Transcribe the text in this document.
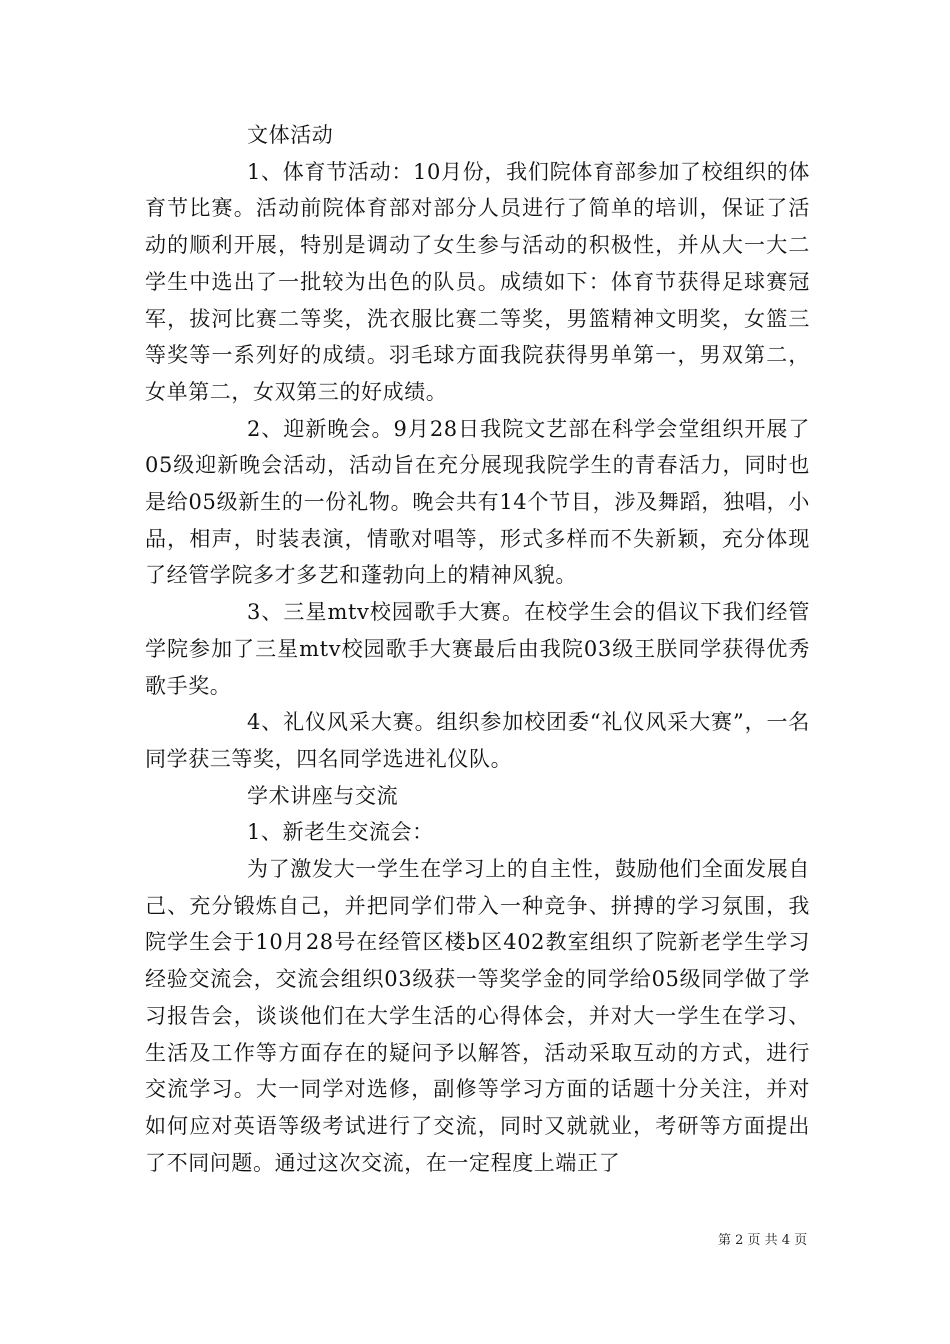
文体活动

1、体育节活动：10月份，我们院体育部参加了校组织的体育节比赛。活动前院体育部对部分人员进行了简单的培训，保证了活动的顺利开展，特别是调动了女生参与活动的积极性，并从大一大二学生中选出了一批较为出色的队员。成绩如下：体育节获得足球赛冠军，拔河比赛二等奖，洗衣服比赛二等奖，男篮精神文明奖，女篮三等奖等一系列好的成绩。羽毛球方面我院获得男单第一，男双第二，女单第二，女双第三的好成绩。

2、迎新晚会。9月28日我院文艺部在科学会堂组织开展了05级迎新晚会活动，活动旨在充分展现我院学生的青春活力，同时也是给05级新生的一份礼物。晚会共有14个节目，涉及舞蹈，独唱，小品，相声，时装表演，情歌对唱等，形式多样而不失新颖，充分体现了经管学院多才多艺和蓬勃向上的精神风貌。

3、三星mtv校园歌手大赛。在校学生会的倡议下我们经管学院参加了三星mtv校园歌手大赛最后由我院03级王朕同学获得优秀歌手奖。

4、礼仪风采大赛。组织参加校团委“礼仪风采大赛”，一名同学获三等奖，四名同学选进礼仪队。

学术讲座与交流

1、新老生交流会：

为了激发大一学生在学习上的自主性，鼓励他们全面发展自己、充分锻炼自己，并把同学们带入一种竞争、拼搏的学习氛围，我院学生会于10月28号在经管区楼b区402教室组织了院新老学生学习经验交流会，交流会组织03级获一等奖学金的同学给05级同学做了学习报告会，谈谈他们在大学生活的心得体会，并对大一学生在学习、生活及工作等方面存在的疑问予以解答，活动采取互动的方式，进行交流学习。大一同学对选修，副修等学习方面的话题十分关注，并对如何应对英语等级考试进行了交流，同时又就就业，考研等方面提出了不同问题。通过这次交流，在一定程度上端正了

第 2 页 共 4 页
